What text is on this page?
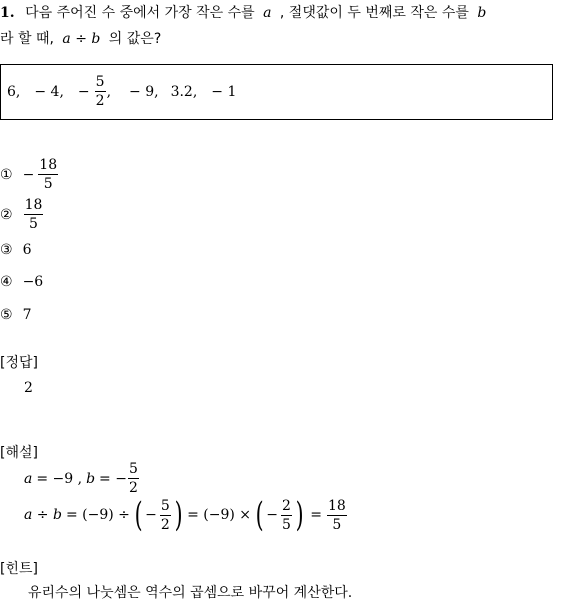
1. 다음 주어진 수 중에서 가장 작은 수를 a , 절댓값이 두 번째로 작은 수를 b
라 할 때, a ÷ b 의 값은?
6, − 4, − $\frac{5}{2}$ , − 9, 3.2, − 1
① − $\frac{18}{5}$
② $\frac{18}{5}$
③ 6
④ −6
⑤ 7
[정답]
2
[해설]
a = −9 , b = − $\frac{5}{2}$
a ÷ b = (−9) ÷ ( − $\frac{5}{2}$ ) = (−9) × ( − $\frac{2}{5}$ ) = $\frac{18}{5}$
[힌트]
유리수의 나눗셈은 역수의 곱셈으로 바꾸어 계산한다.
